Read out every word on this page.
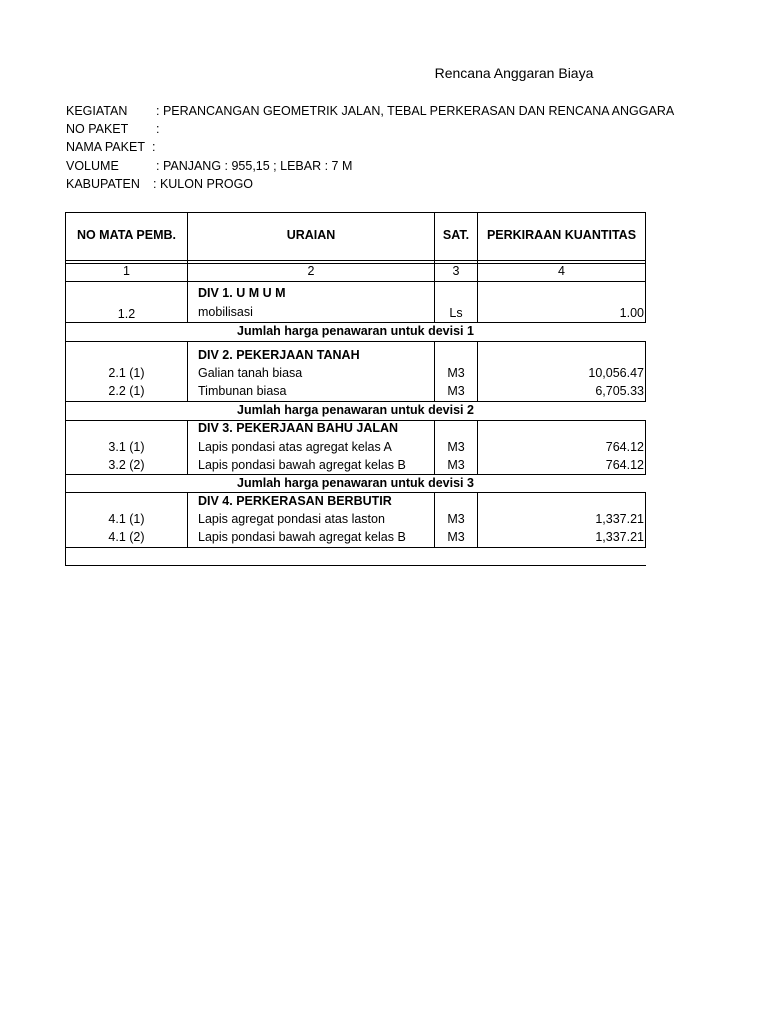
Rencana Anggaran Biaya
KEGIATAN : PERANCANGAN GEOMETRIK JALAN, TEBAL PERKERASAN DAN RENCANA ANGGARA
NO PAKET :
NAMA PAKET :
VOLUME	: PANJANG : 955,15 ; LEBAR : 7 M
KABUPATEN : KULON PROGO
NO MATA PEMB.	URAIAN	SAT.	PERKIRAAN KUANTITAS
1	2	3	4
DIV 1. U M U M
1.2	mobilisasi	Ls	1.00
Jumlah harga penawaran untuk devisi 1
DIV 2. PEKERJAAN TANAH
2.1 (1)	Galian tanah biasa	M3	10,056.47
2.2 (1)	Timbunan biasa	M3	6,705.33
Jumlah harga penawaran untuk devisi 2
DIV 3. PEKERJAAN BAHU JALAN
3.1 (1)	Lapis pondasi atas agregat kelas A	M3	764.12
3.2 (2)	Lapis pondasi bawah agregat kelas B	M3	764.12
Jumlah harga penawaran untuk devisi 3
DIV 4. PERKERASAN BERBUTIR
4.1 (1)	Lapis agregat pondasi atas laston	M3	1,337.21
4.1 (2)	Lapis pondasi bawah agregat kelas B	M3	1,337.21
